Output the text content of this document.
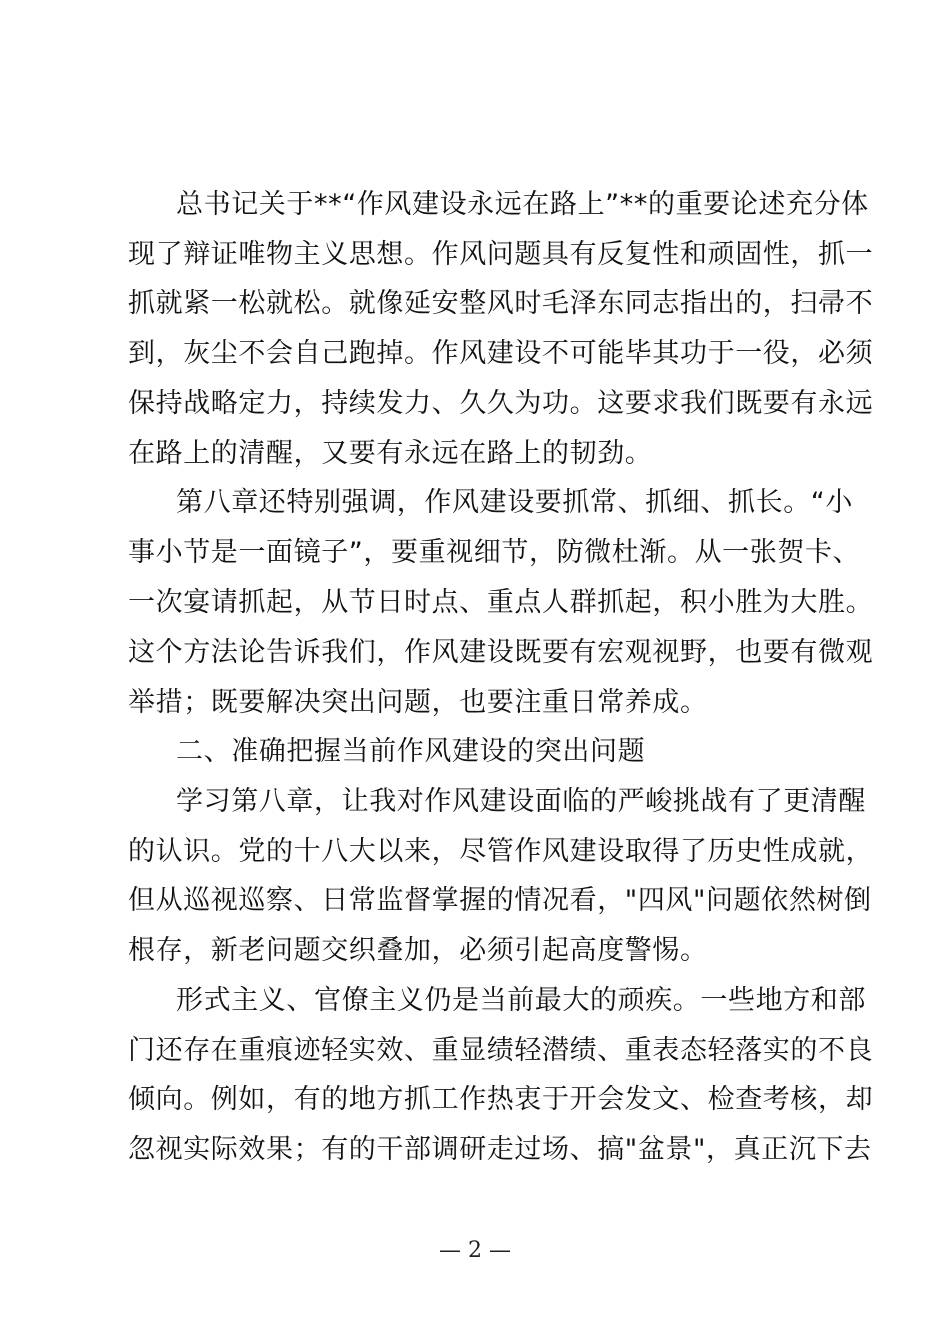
总书记关于**“作风建设永远在路上”**的重要论述充分体
现了辩证唯物主义思想。作风问题具有反复性和顽固性，抓一
抓就紧一松就松。就像延安整风时毛泽东同志指出的，扫帚不
到，灰尘不会自己跑掉。作风建设不可能毕其功于一役，必须
保持战略定力，持续发力、久久为功。这要求我们既要有永远
在路上的清醒，又要有永远在路上的韧劲。
第八章还特别强调，作风建设要抓常、抓细、抓长。“小
事小节是一面镜子”，要重视细节，防微杜渐。从一张贺卡、
一次宴请抓起，从节日时点、重点人群抓起，积小胜为大胜。
这个方法论告诉我们，作风建设既要有宏观视野，也要有微观
举措；既要解决突出问题，也要注重日常养成。
二、准确把握当前作风建设的突出问题
学习第八章，让我对作风建设面临的严峻挑战有了更清醒
的认识。党的十八大以来，尽管作风建设取得了历史性成就，
但从巡视巡察、日常监督掌握的情况看，"四风"问题依然树倒
根存，新老问题交织叠加，必须引起高度警惕。
形式主义、官僚主义仍是当前最大的顽疾。一些地方和部
门还存在重痕迹轻实效、重显绩轻潜绩、重表态轻落实的不良
倾向。例如，有的地方抓工作热衷于开会发文、检查考核，却
忽视实际效果；有的干部调研走过场、搞"盆景"，真正沉下去
— 2 —
